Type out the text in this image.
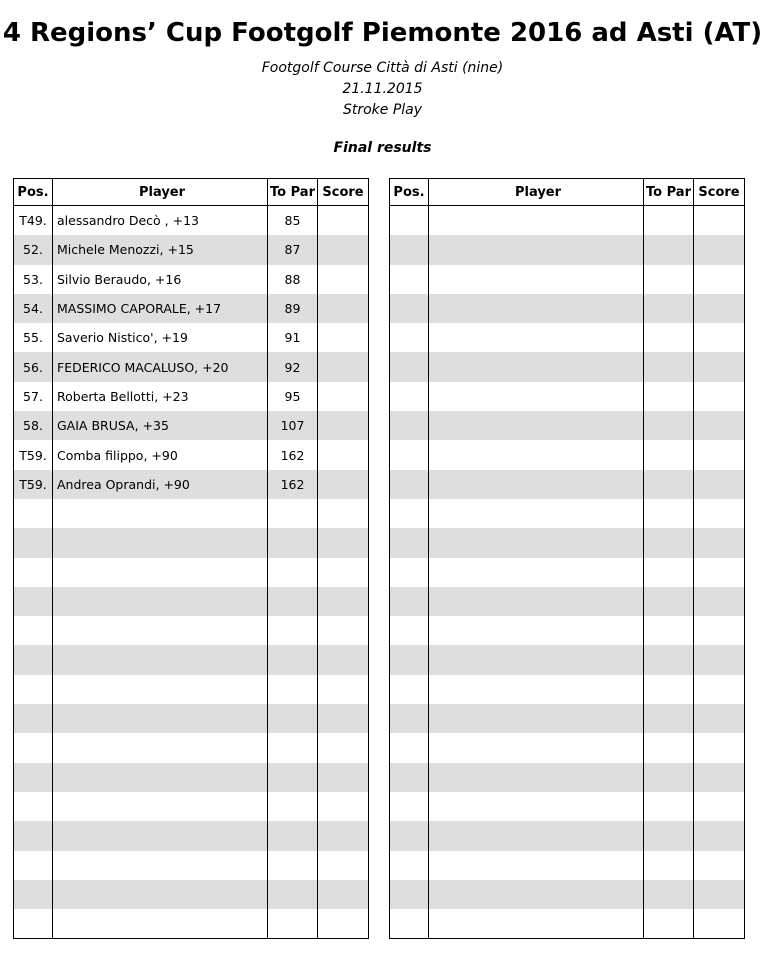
4 Regions’ Cup Footgolf Piemonte 2016 ad Asti (AT)
Footgolf Course Città di Asti (nine)
21.11.2015
Stroke Play
Final results
Pos.	Player	To Par	Score
T49.	alessandro Decò , +13	85	
52.	Michele Menozzi, +15	87	
53.	Silvio Beraudo, +16	88	
54.	MASSIMO CAPORALE, +17	89	
55.	Saverio Nistico', +19	91	
56.	FEDERICO MACALUSO, +20	92	
57.	Roberta Bellotti, +23	95	
58.	GAIA BRUSA, +35	107	
T59.	Comba filippo, +90	162	
T59.	Andrea Oprandi, +90	162	

Pos.	Player	To Par	Score
